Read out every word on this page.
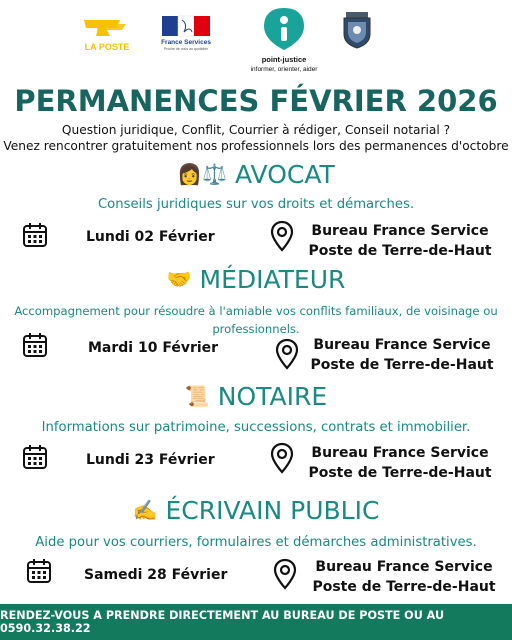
LA POSTE	France Services
Proche de vous au quotidien
point-justice
informer, orienter, aider
PERMANENCES FÉVRIER 2026
Question juridique, Conflit, Courrier à rédiger, Conseil notarial ?
Venez rencontrer gratuitement nos professionnels lors des permanences d'octobre
👩⚖️ AVOCAT
Conseils juridiques sur vos droits et démarches.
Lundi 02 Février	Bureau France Service
Poste de Terre-de-Haut
🤝 MÉDIATEUR
Accompagnement pour résoudre à l'amiable vos conflits familiaux, de voisinage ou
professionnels.
Mardi 10 Février	Bureau France Service
Poste de Terre-de-Haut
📜 NOTAIRE
Informations sur patrimoine, successions, contrats et immobilier.
Lundi 23 Février	Bureau France Service
Poste de Terre-de-Haut
✍️ ÉCRIVAIN PUBLIC
Aide pour vos courriers, formulaires et démarches administratives.
Samedi 28 Février	Bureau France Service
Poste de Terre-de-Haut
RENDEZ-VOUS A PRENDRE DIRECTEMENT AU BUREAU DE POSTE OU AU 0590.32.38.22
